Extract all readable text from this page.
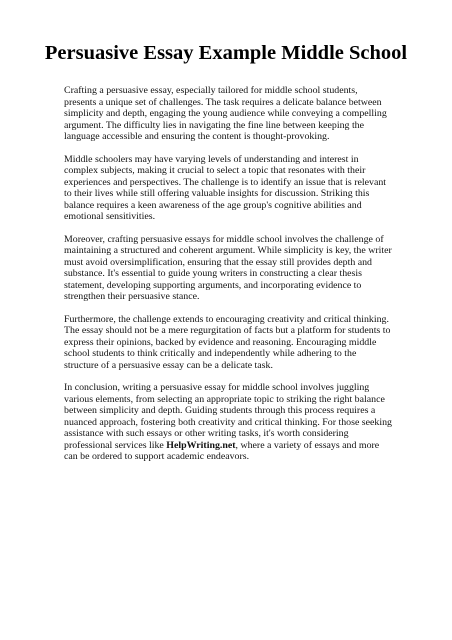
Persuasive Essay Example Middle School

Crafting a persuasive essay, especially tailored for middle school students, presents a unique set of challenges. The task requires a delicate balance between simplicity and depth, engaging the young audience while conveying a compelling argument. The difficulty lies in navigating the fine line between keeping the language accessible and ensuring the content is thought-provoking.

Middle schoolers may have varying levels of understanding and interest in complex subjects, making it crucial to select a topic that resonates with their experiences and perspectives. The challenge is to identify an issue that is relevant to their lives while still offering valuable insights for discussion. Striking this balance requires a keen awareness of the age group's cognitive abilities and emotional sensitivities.

Moreover, crafting persuasive essays for middle school involves the challenge of maintaining a structured and coherent argument. While simplicity is key, the writer must avoid oversimplification, ensuring that the essay still provides depth and substance. It's essential to guide young writers in constructing a clear thesis statement, developing supporting arguments, and incorporating evidence to strengthen their persuasive stance.

Furthermore, the challenge extends to encouraging creativity and critical thinking. The essay should not be a mere regurgitation of facts but a platform for students to express their opinions, backed by evidence and reasoning. Encouraging middle school students to think critically and independently while adhering to the structure of a persuasive essay can be a delicate task.

In conclusion, writing a persuasive essay for middle school involves juggling various elements, from selecting an appropriate topic to striking the right balance between simplicity and depth. Guiding students through this process requires a nuanced approach, fostering both creativity and critical thinking. For those seeking assistance with such essays or other writing tasks, it's worth considering professional services like HelpWriting.net, where a variety of essays and more can be ordered to support academic endeavors.
